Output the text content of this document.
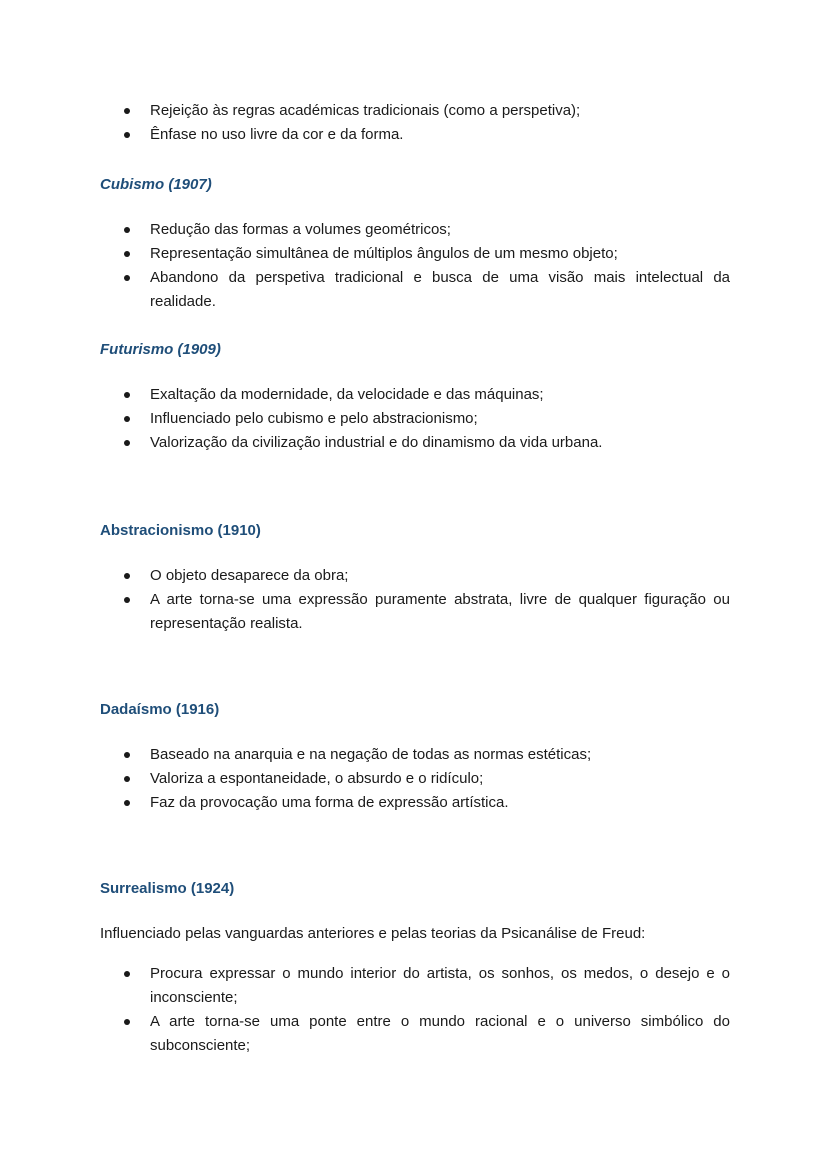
Rejeição às regras académicas tradicionais (como a perspetiva);
Ênfase no uso livre da cor e da forma.
Cubismo (1907)
Redução das formas a volumes geométricos;
Representação simultânea de múltiplos ângulos de um mesmo objeto;
Abandono da perspetiva tradicional e busca de uma visão mais intelectual da realidade.
Futurismo (1909)
Exaltação da modernidade, da velocidade e das máquinas;
Influenciado pelo cubismo e pelo abstracionismo;
Valorização da civilização industrial e do dinamismo da vida urbana.
Abstracionismo (1910)
O objeto desaparece da obra;
A arte torna-se uma expressão puramente abstrata, livre de qualquer figuração ou representação realista.
Dadaísmo (1916)
Baseado na anarquia e na negação de todas as normas estéticas;
Valoriza a espontaneidade, o absurdo e o ridículo;
Faz da provocação uma forma de expressão artística.
Surrealismo (1924)

Influenciado pelas vanguardas anteriores e pelas teorias da Psicanálise de Freud:

Procura expressar o mundo interior do artista, os sonhos, os medos, o desejo e o inconsciente;
A arte torna-se uma ponte entre o mundo racional e o universo simbólico do subconsciente;
